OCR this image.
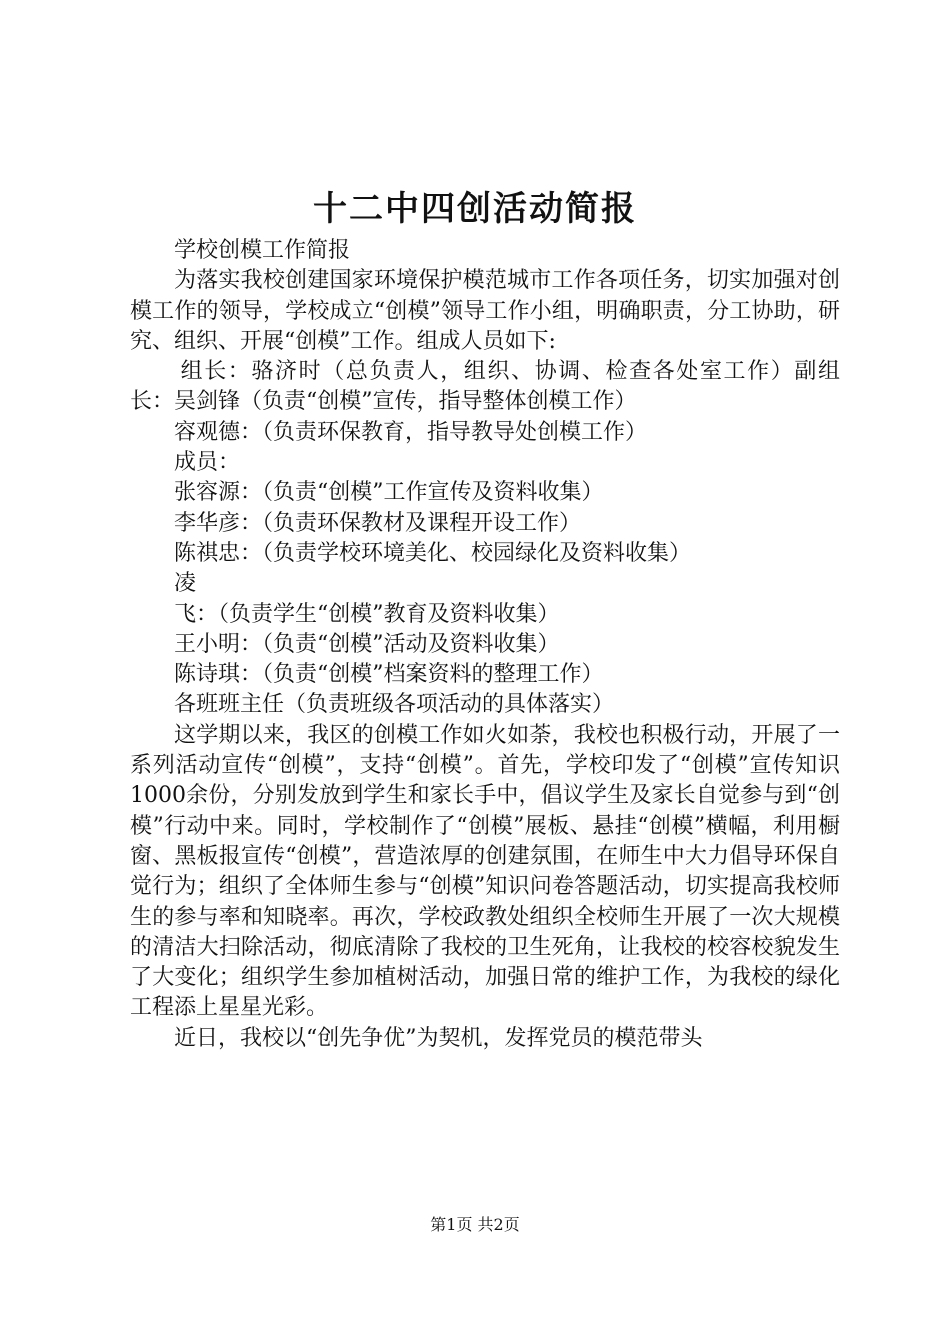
十二中四创活动简报

学校创模工作简报

为落实我校创建国家环境保护模范城市工作各项任务，切实加强对创模工作的领导，学校成立“创模”领导工作小组，明确职责，分工协助，研究、组织、开展“创模”工作。组成人员如下:

组长：骆济时（总负责人，组织、协调、检查各处室工作）副组长：吴剑锋（负责“创模”宣传，指导整体创模工作）

容观德：（负责环保教育，指导教导处创模工作）

成员：

张容源：（负责“创模”工作宣传及资料收集）

李华彦：（负责环保教材及课程开设工作）

陈祺忠：（负责学校环境美化、校园绿化及资料收集）

凌

飞：（负责学生“创模”教育及资料收集）

王小明：（负责“创模”活动及资料收集）

陈诗琪：（负责“创模”档案资料的整理工作）

各班班主任（负责班级各项活动的具体落实）

这学期以来，我区的创模工作如火如荼，我校也积极行动，开展了一系列活动宣传“创模”，支持“创模”。首先，学校印发了“创模”宣传知识1000余份，分别发放到学生和家长手中，倡议学生及家长自觉参与到“创模”行动中来。同时，学校制作了“创模”展板、悬挂“创模”横幅，利用橱窗、黑板报宣传“创模”，营造浓厚的创建氛围，在师生中大力倡导环保自觉行为；组织了全体师生参与“创模”知识问卷答题活动，切实提高我校师生的参与率和知晓率。再次，学校政教处组织全校师生开展了一次大规模的清洁大扫除活动，彻底清除了我校的卫生死角，让我校的校容校貌发生了大变化；组织学生参加植树活动，加强日常的维护工作，为我校的绿化工程添上星星光彩。

近日，我校以“创先争优”为契机，发挥党员的模范带头

第1页 共2页
